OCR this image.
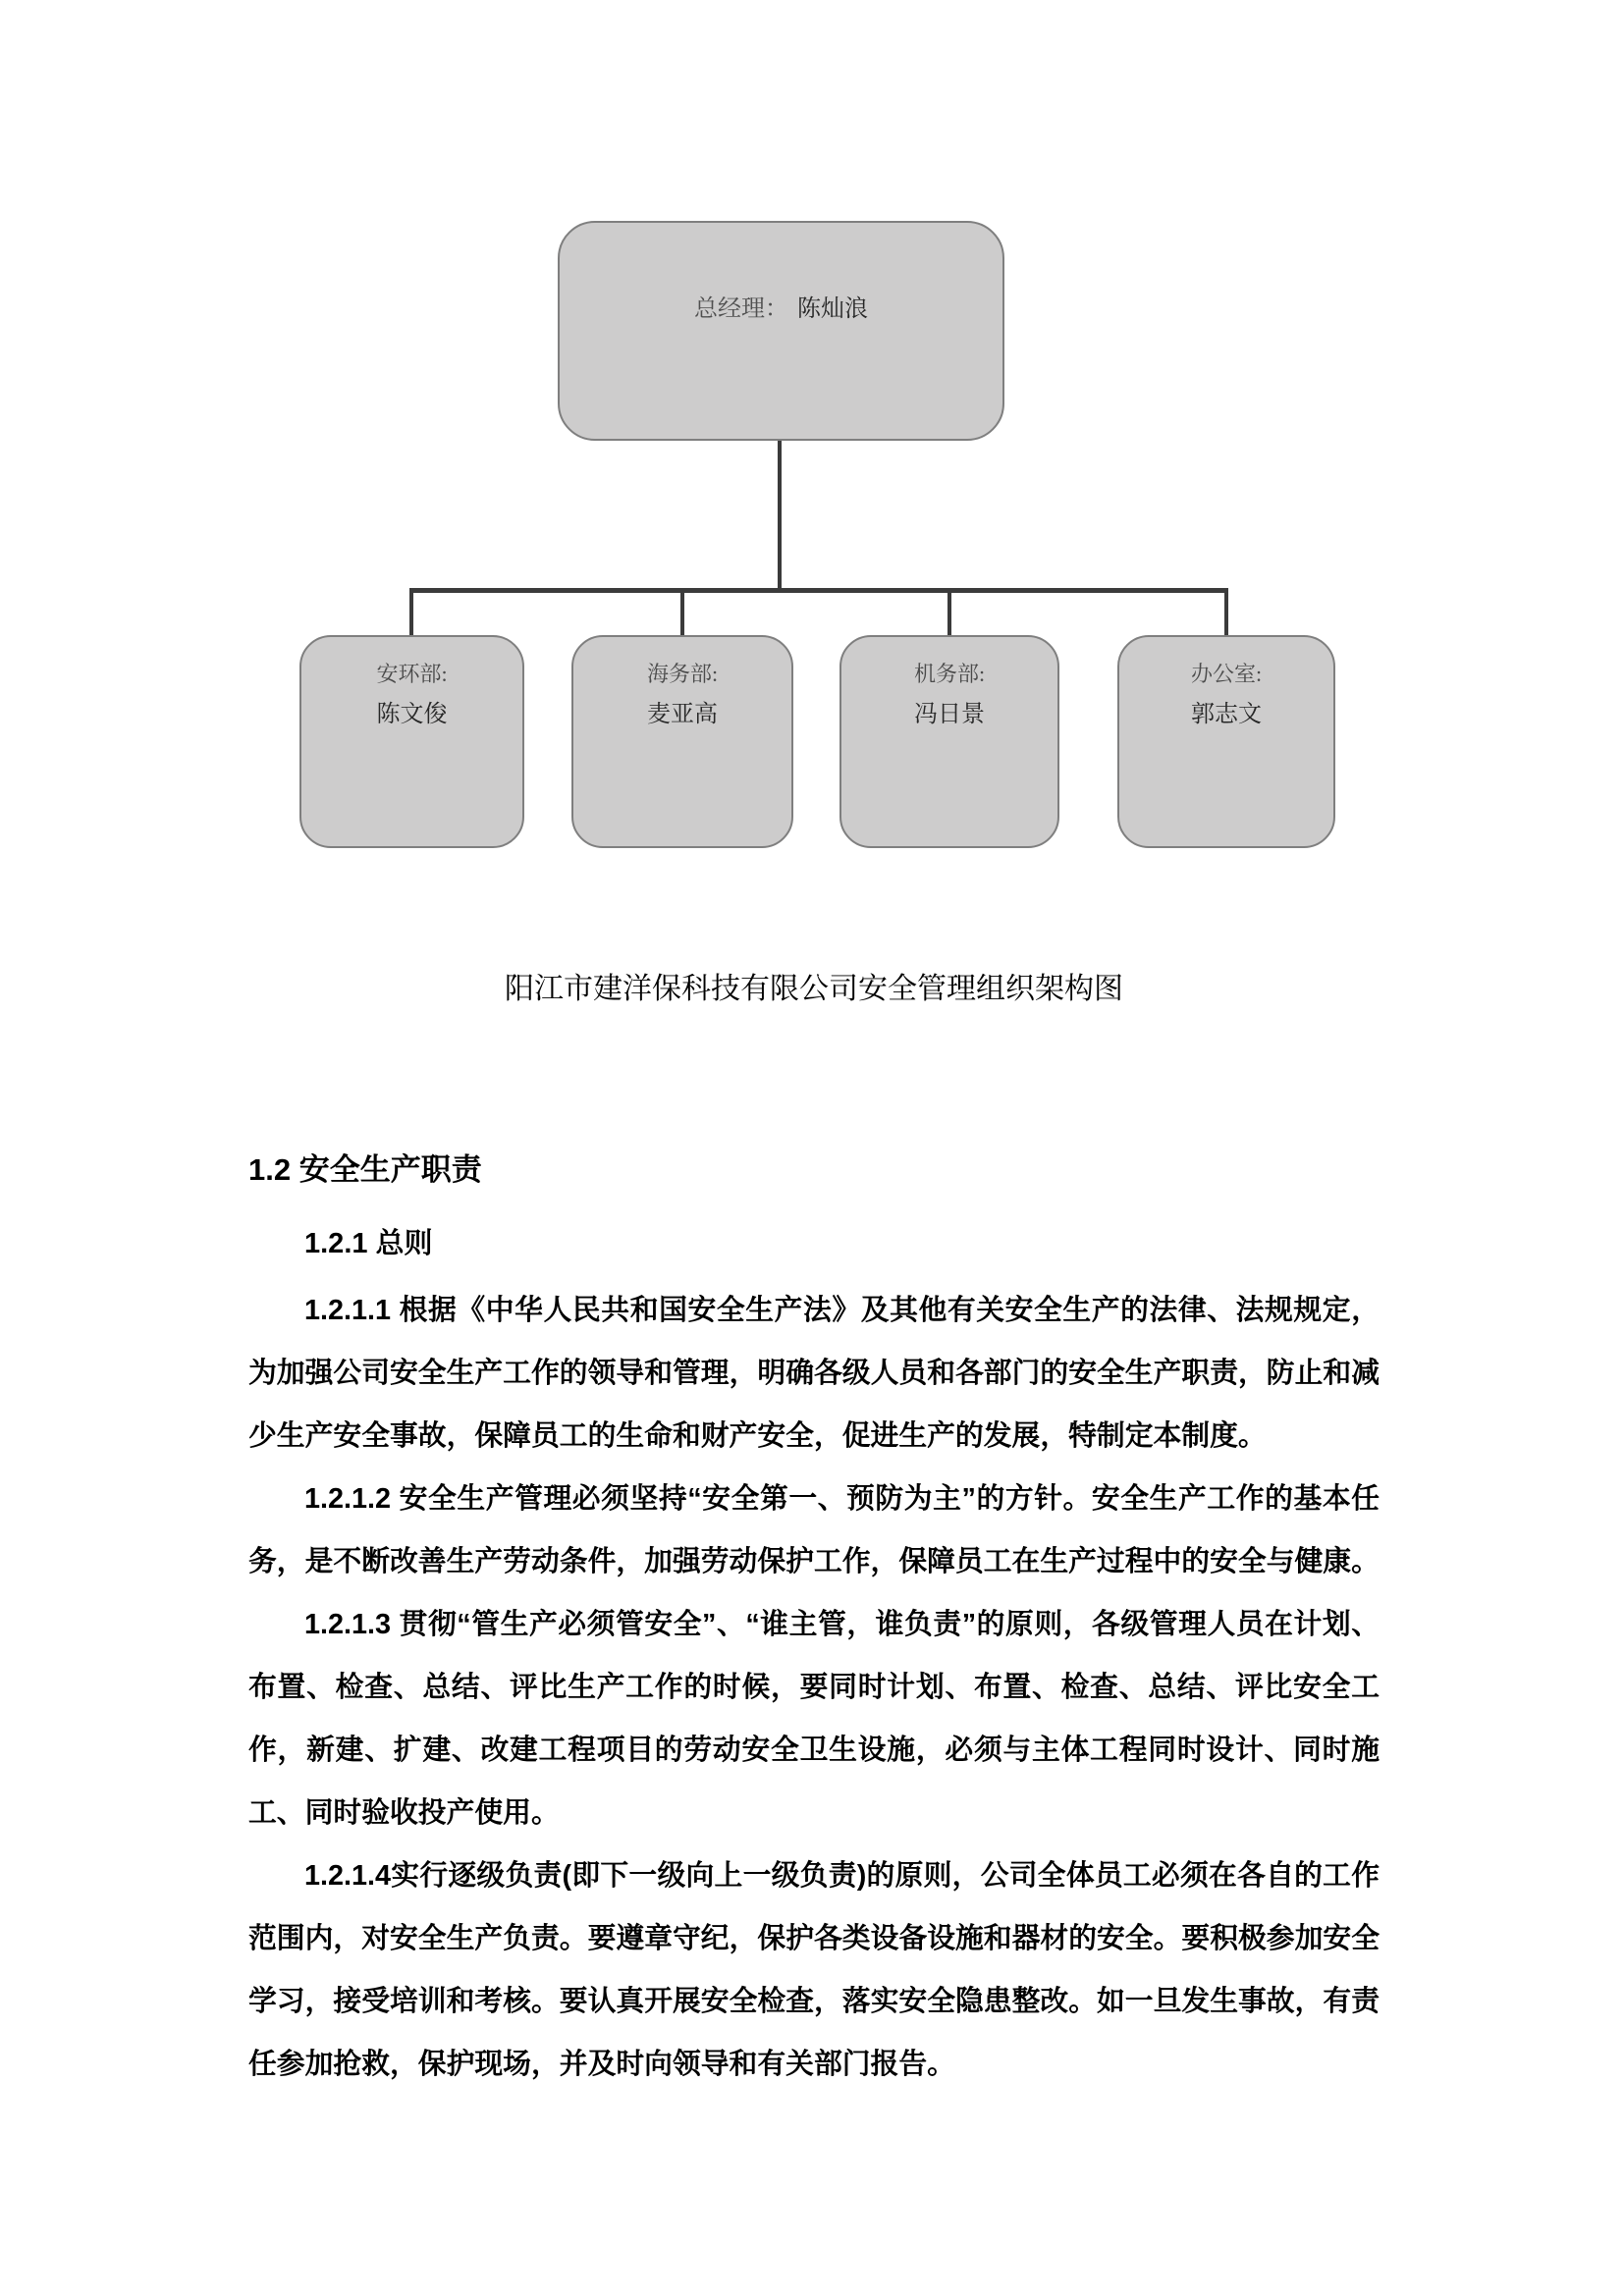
总经理： 陈灿浪
安环部:
陈文俊
海务部:
麦亚高
机务部:
冯日景
办公室:
郭志文
阳江市建洋保科技有限公司安全管理组织架构图
1.2 安全生产职责
1.2.1 总则

1.2.1.1 根据《中华人民共和国安全生产法》及其他有关安全生产的法律、法规规定，为加强公司安全生产工作的领导和管理，明确各级人员和各部门的安全生产职责，防止和减少生产安全事故，保障员工的生命和财产安全，促进生产的发展，特制定本制度。

1.2.1.2 安全生产管理必须坚持“安全第一、预防为主”的方针。安全生产工作的基本任务，是不断改善生产劳动条件，加强劳动保护工作，保障员工在生产过程中的安全与健康。

1.2.1.3 贯彻“管生产必须管安全”、“谁主管，谁负责”的原则，各级管理人员在计划、布置、检查、总结、评比生产工作的时候，要同时计划、布置、检查、总结、评比安全工作，新建、扩建、改建工程项目的劳动安全卫生设施，必须与主体工程同时设计、同时施工、同时验收投产使用。

1.2.1.4实行逐级负责(即下一级向上一级负责)的原则，公司全体员工必须在各自的工作范围内，对安全生产负责。要遵章守纪，保护各类设备设施和器材的安全。要积极参加安全学习，接受培训和考核。要认真开展安全检查，落实安全隐患整改。如一旦发生事故，有责任参加抢救，保护现场，并及时向领导和有关部门报告。
